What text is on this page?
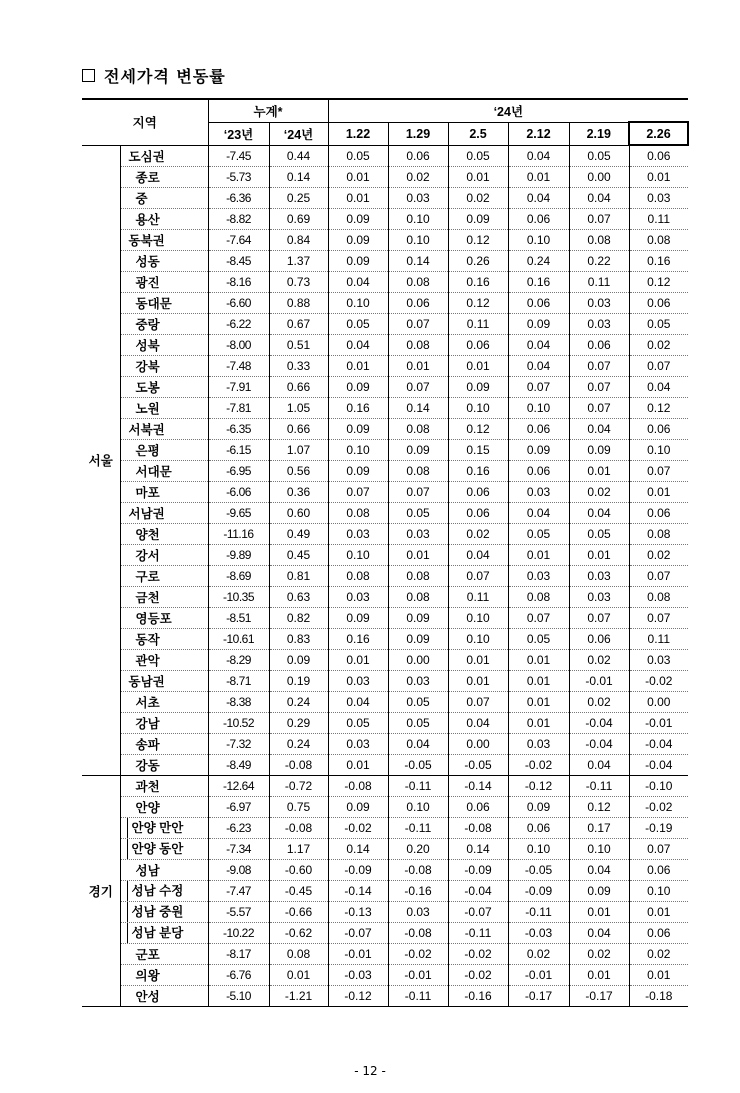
전세가격 변동률
지역		누계*		‘24년					
		‘23년	‘24년	1.22	1.29	2.5	2.12	2.19	2.26
서울	도심권	-7.45	0.44	0.05	0.06	0.05	0.04	0.05	0.06
	종로	-5.73	0.14	0.01	0.02	0.01	0.01	0.00	0.01
	중	-6.36	0.25	0.01	0.03	0.02	0.04	0.04	0.03
	용산	-8.82	0.69	0.09	0.10	0.09	0.06	0.07	0.11
	동북권	-7.64	0.84	0.09	0.10	0.12	0.10	0.08	0.08
	성동	-8.45	1.37	0.09	0.14	0.26	0.24	0.22	0.16
	광진	-8.16	0.73	0.04	0.08	0.16	0.16	0.11	0.12
	동대문	-6.60	0.88	0.10	0.06	0.12	0.06	0.03	0.06
	중랑	-6.22	0.67	0.05	0.07	0.11	0.09	0.03	0.05
	성북	-8.00	0.51	0.04	0.08	0.06	0.04	0.06	0.02
	강북	-7.48	0.33	0.01	0.01	0.01	0.04	0.07	0.07
	도봉	-7.91	0.66	0.09	0.07	0.09	0.07	0.07	0.04
	노원	-7.81	1.05	0.16	0.14	0.10	0.10	0.07	0.12
	서북권	-6.35	0.66	0.09	0.08	0.12	0.06	0.04	0.06
	은평	-6.15	1.07	0.10	0.09	0.15	0.09	0.09	0.10
	서대문	-6.95	0.56	0.09	0.08	0.16	0.06	0.01	0.07
	마포	-6.06	0.36	0.07	0.07	0.06	0.03	0.02	0.01
	서남권	-9.65	0.60	0.08	0.05	0.06	0.04	0.04	0.06
	양천	-11.16	0.49	0.03	0.03	0.02	0.05	0.05	0.08
	강서	-9.89	0.45	0.10	0.01	0.04	0.01	0.01	0.02
	구로	-8.69	0.81	0.08	0.08	0.07	0.03	0.03	0.07
	금천	-10.35	0.63	0.03	0.08	0.11	0.08	0.03	0.08
	영등포	-8.51	0.82	0.09	0.09	0.10	0.07	0.07	0.07
	동작	-10.61	0.83	0.16	0.09	0.10	0.05	0.06	0.11
	관악	-8.29	0.09	0.01	0.00	0.01	0.01	0.02	0.03
	동남권	-8.71	0.19	0.03	0.03	0.01	0.01	-0.01	-0.02
	서초	-8.38	0.24	0.04	0.05	0.07	0.01	0.02	0.00
	강남	-10.52	0.29	0.05	0.05	0.04	0.01	-0.04	-0.01
	송파	-7.32	0.24	0.03	0.04	0.00	0.03	-0.04	-0.04
	강동	-8.49	-0.08	0.01	-0.05	-0.05	-0.02	0.04	-0.04
경기	과천	-12.64	-0.72	-0.08	-0.11	-0.14	-0.12	-0.11	-0.10
	안양	-6.97	0.75	0.09	0.10	0.06	0.09	0.12	-0.02
	안양 만안	-6.23	-0.08	-0.02	-0.11	-0.08	0.06	0.17	-0.19
	안양 동안	-7.34	1.17	0.14	0.20	0.14	0.10	0.10	0.07
	성남	-9.08	-0.60	-0.09	-0.08	-0.09	-0.05	0.04	0.06
	성남 수정	-7.47	-0.45	-0.14	-0.16	-0.04	-0.09	0.09	0.10
	성남 중원	-5.57	-0.66	-0.13	0.03	-0.07	-0.11	0.01	0.01
	성남 분당	-10.22	-0.62	-0.07	-0.08	-0.11	-0.03	0.04	0.06
	군포	-8.17	0.08	-0.01	-0.02	-0.02	0.02	0.02	0.02
	의왕	-6.76	0.01	-0.03	-0.01	-0.02	-0.01	0.01	0.01
	안성	-5.10	-1.21	-0.12	-0.11	-0.16	-0.17	-0.17	-0.18
- 12 -
